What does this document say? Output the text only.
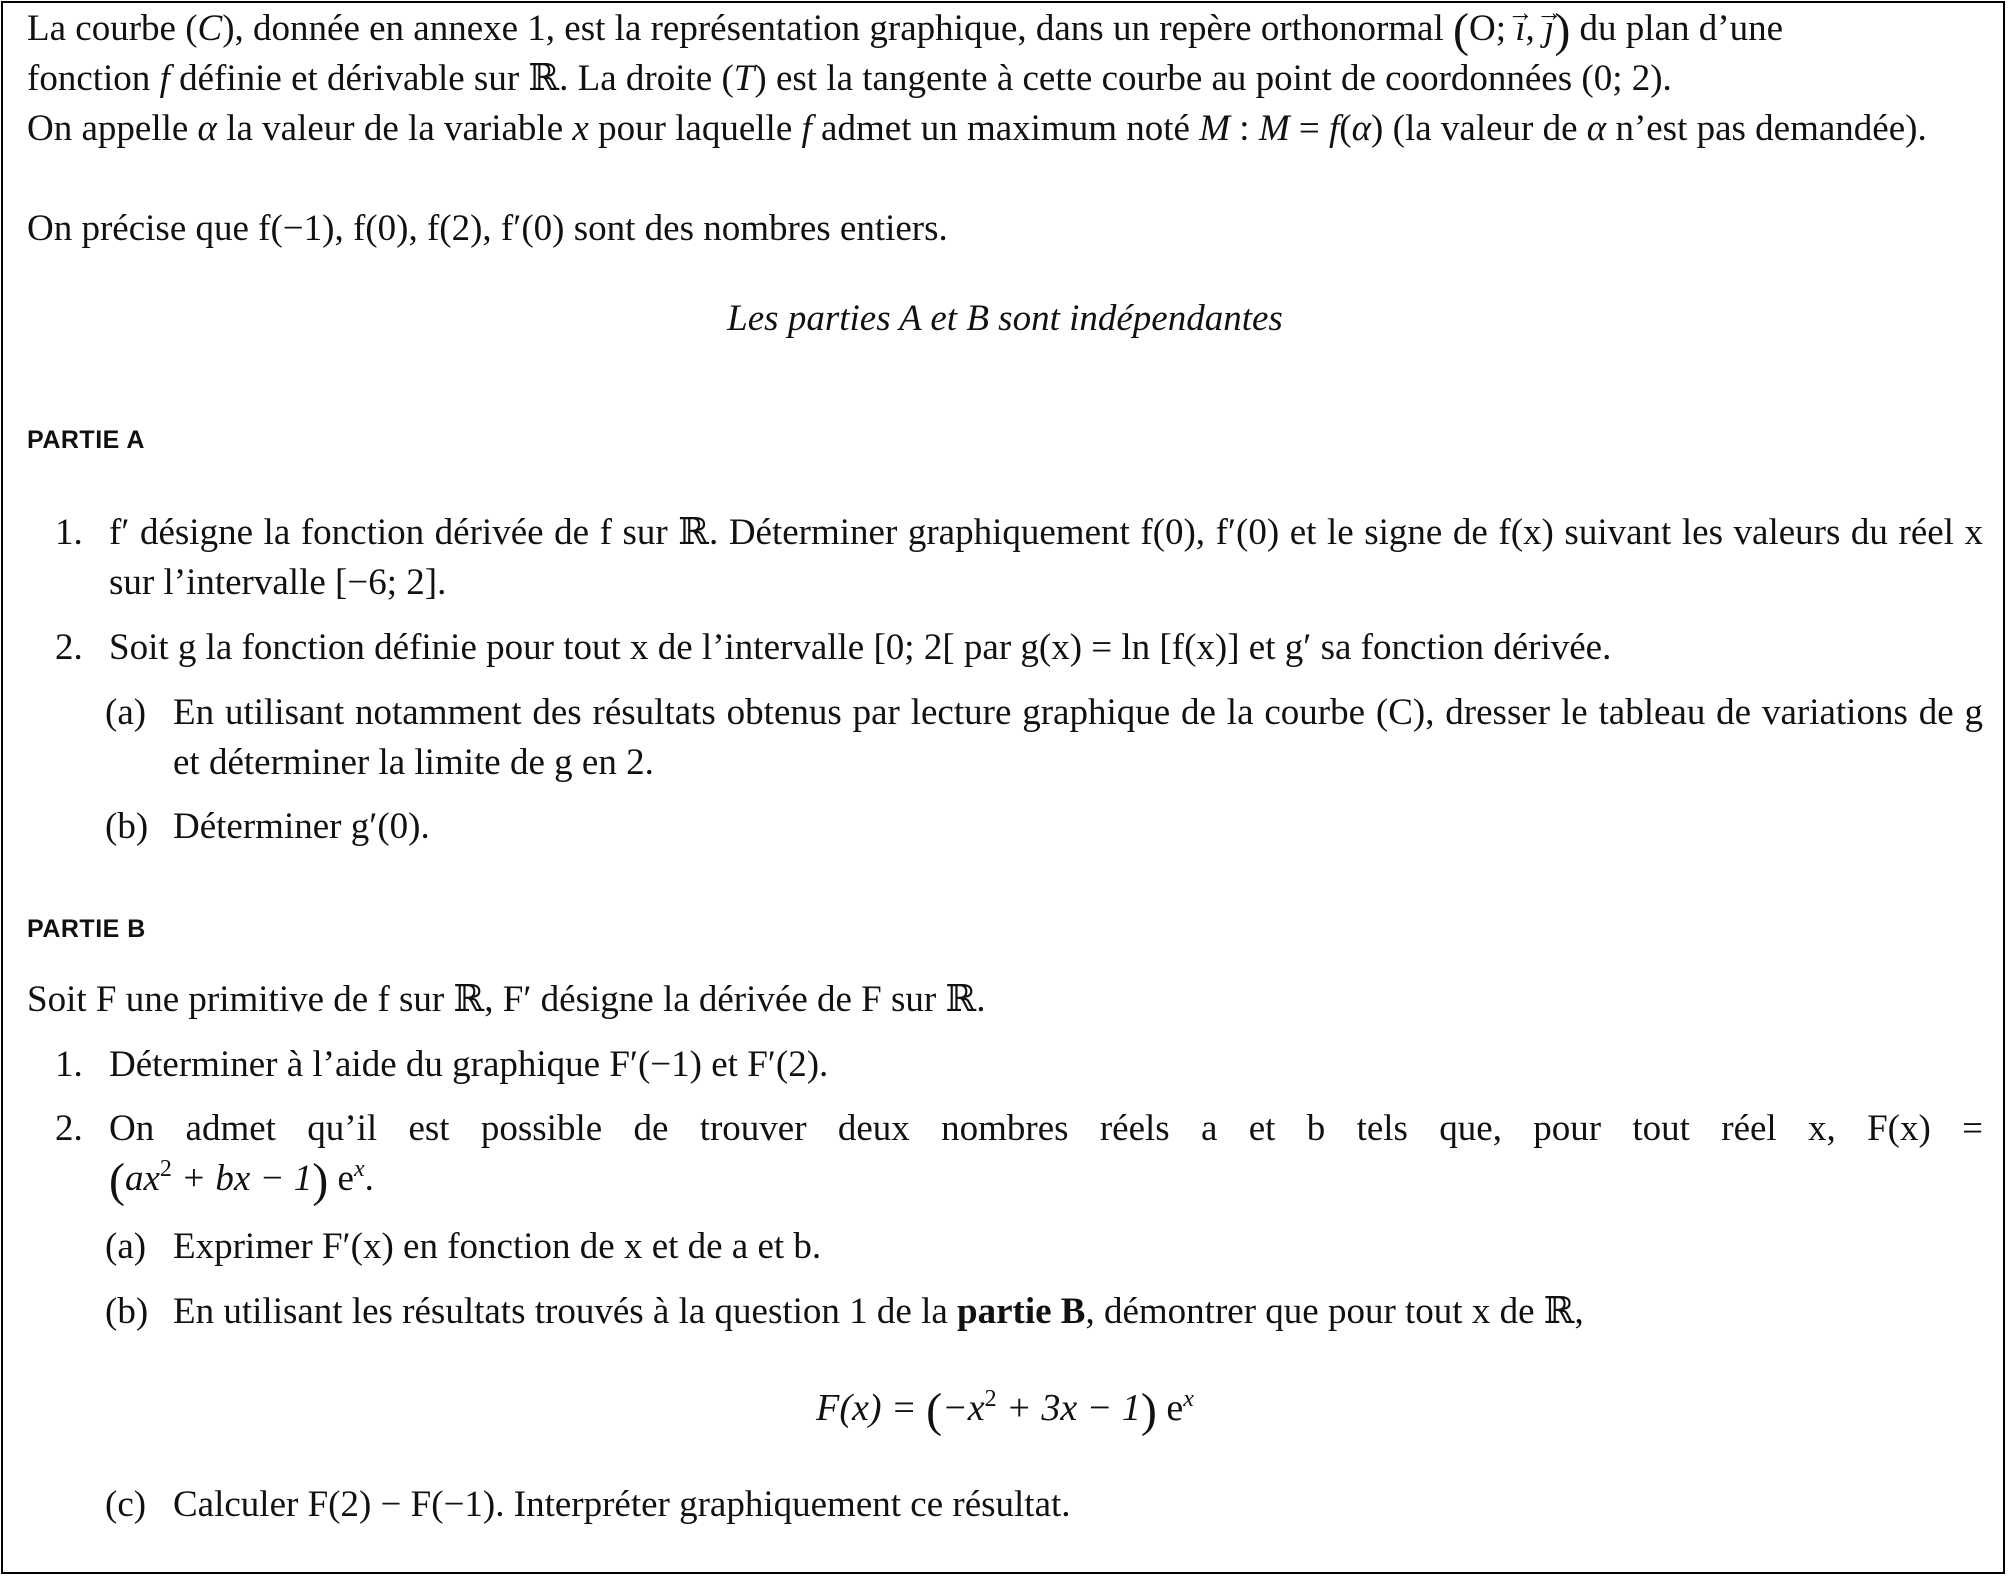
La courbe (C), donnée en annexe 1, est la représentation graphique, dans un repère orthonormal (O; → ı, → ȷ) du plan d’une

fonction f définie et dérivable sur ℝ. La droite (T) est la tangente à cette courbe au point de coordonnées (0; 2).

On appelle α la valeur de la variable x pour laquelle f admet un maximum noté M : M = f(α) (la valeur de α n’est pas demandée).

On précise que f(−1), f(0), f(2), f′(0) sont des nombres entiers.

Les parties A et B sont indépendantes

PARTIE A

1. f′ désigne la fonction dérivée de f sur ℝ. Déterminer graphiquement f(0), f′(0) et le signe de f(x) suivant les valeurs du réel x sur l’intervalle [−6; 2].

2. Soit g la fonction définie pour tout x de l’intervalle [0; 2[ par g(x) = ln [f(x)] et g′ sa fonction dérivée.

(a) En utilisant notamment des résultats obtenus par lecture graphique de la courbe (C), dresser le tableau de variations de g et déterminer la limite de g en 2.

(b) Déterminer g′(0).

PARTIE B

Soit F une primitive de f sur ℝ, F′ désigne la dérivée de F sur ℝ.

1. Déterminer à l’aide du graphique F′(−1) et F′(2).

2. On admet qu’il est possible de trouver deux nombres réels a et b tels que, pour tout réel x, F(x) =
($ax^2$ + bx − 1) $e^x$.

(a) Exprimer F′(x) en fonction de x et de a et b.

(b) En utilisant les résultats trouvés à la question 1 de la partie B, démontrer que pour tout x de ℝ,

$F(x) = (-x^2 + 3x - 1)$ $e^x$

(c) Calculer F(2) − F(−1). Interpréter graphiquement ce résultat.
